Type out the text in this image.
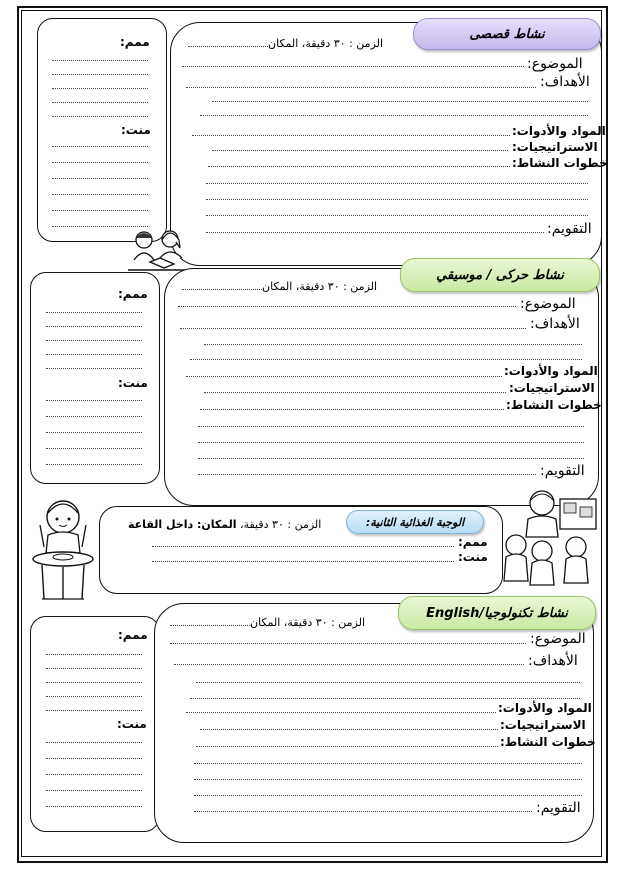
ممم:
منت:
نشاط قصصى
الزمن : ٣٠ دقيقة، المكان
الموضوع:
الأهداف:
المواد والأدوات:
الاستراتيجيات:
خطوات النشاط:
التقويم:
ممم:
منت:
نشاط حركى / موسيقي
الزمن : ٣٠ دقيقة، المكان
الموضوع:
الأهداف:
المواد والأدوات:
الاستراتيجيات:
خطوات النشاط:
التقويم:
الوجبة الغذائية الثانية:
الزمن : ٣٠ دقيقة، المكان: داخل القاعة
ممم:
منت:
ممم:
منت:
نشاط تكنولوجيا/English
الزمن : ٣٠ دقيقة، المكان
الموضوع:
الأهداف:
المواد والأدوات:
الاستراتيجيات:
خطوات النشاط:
التقويم:
